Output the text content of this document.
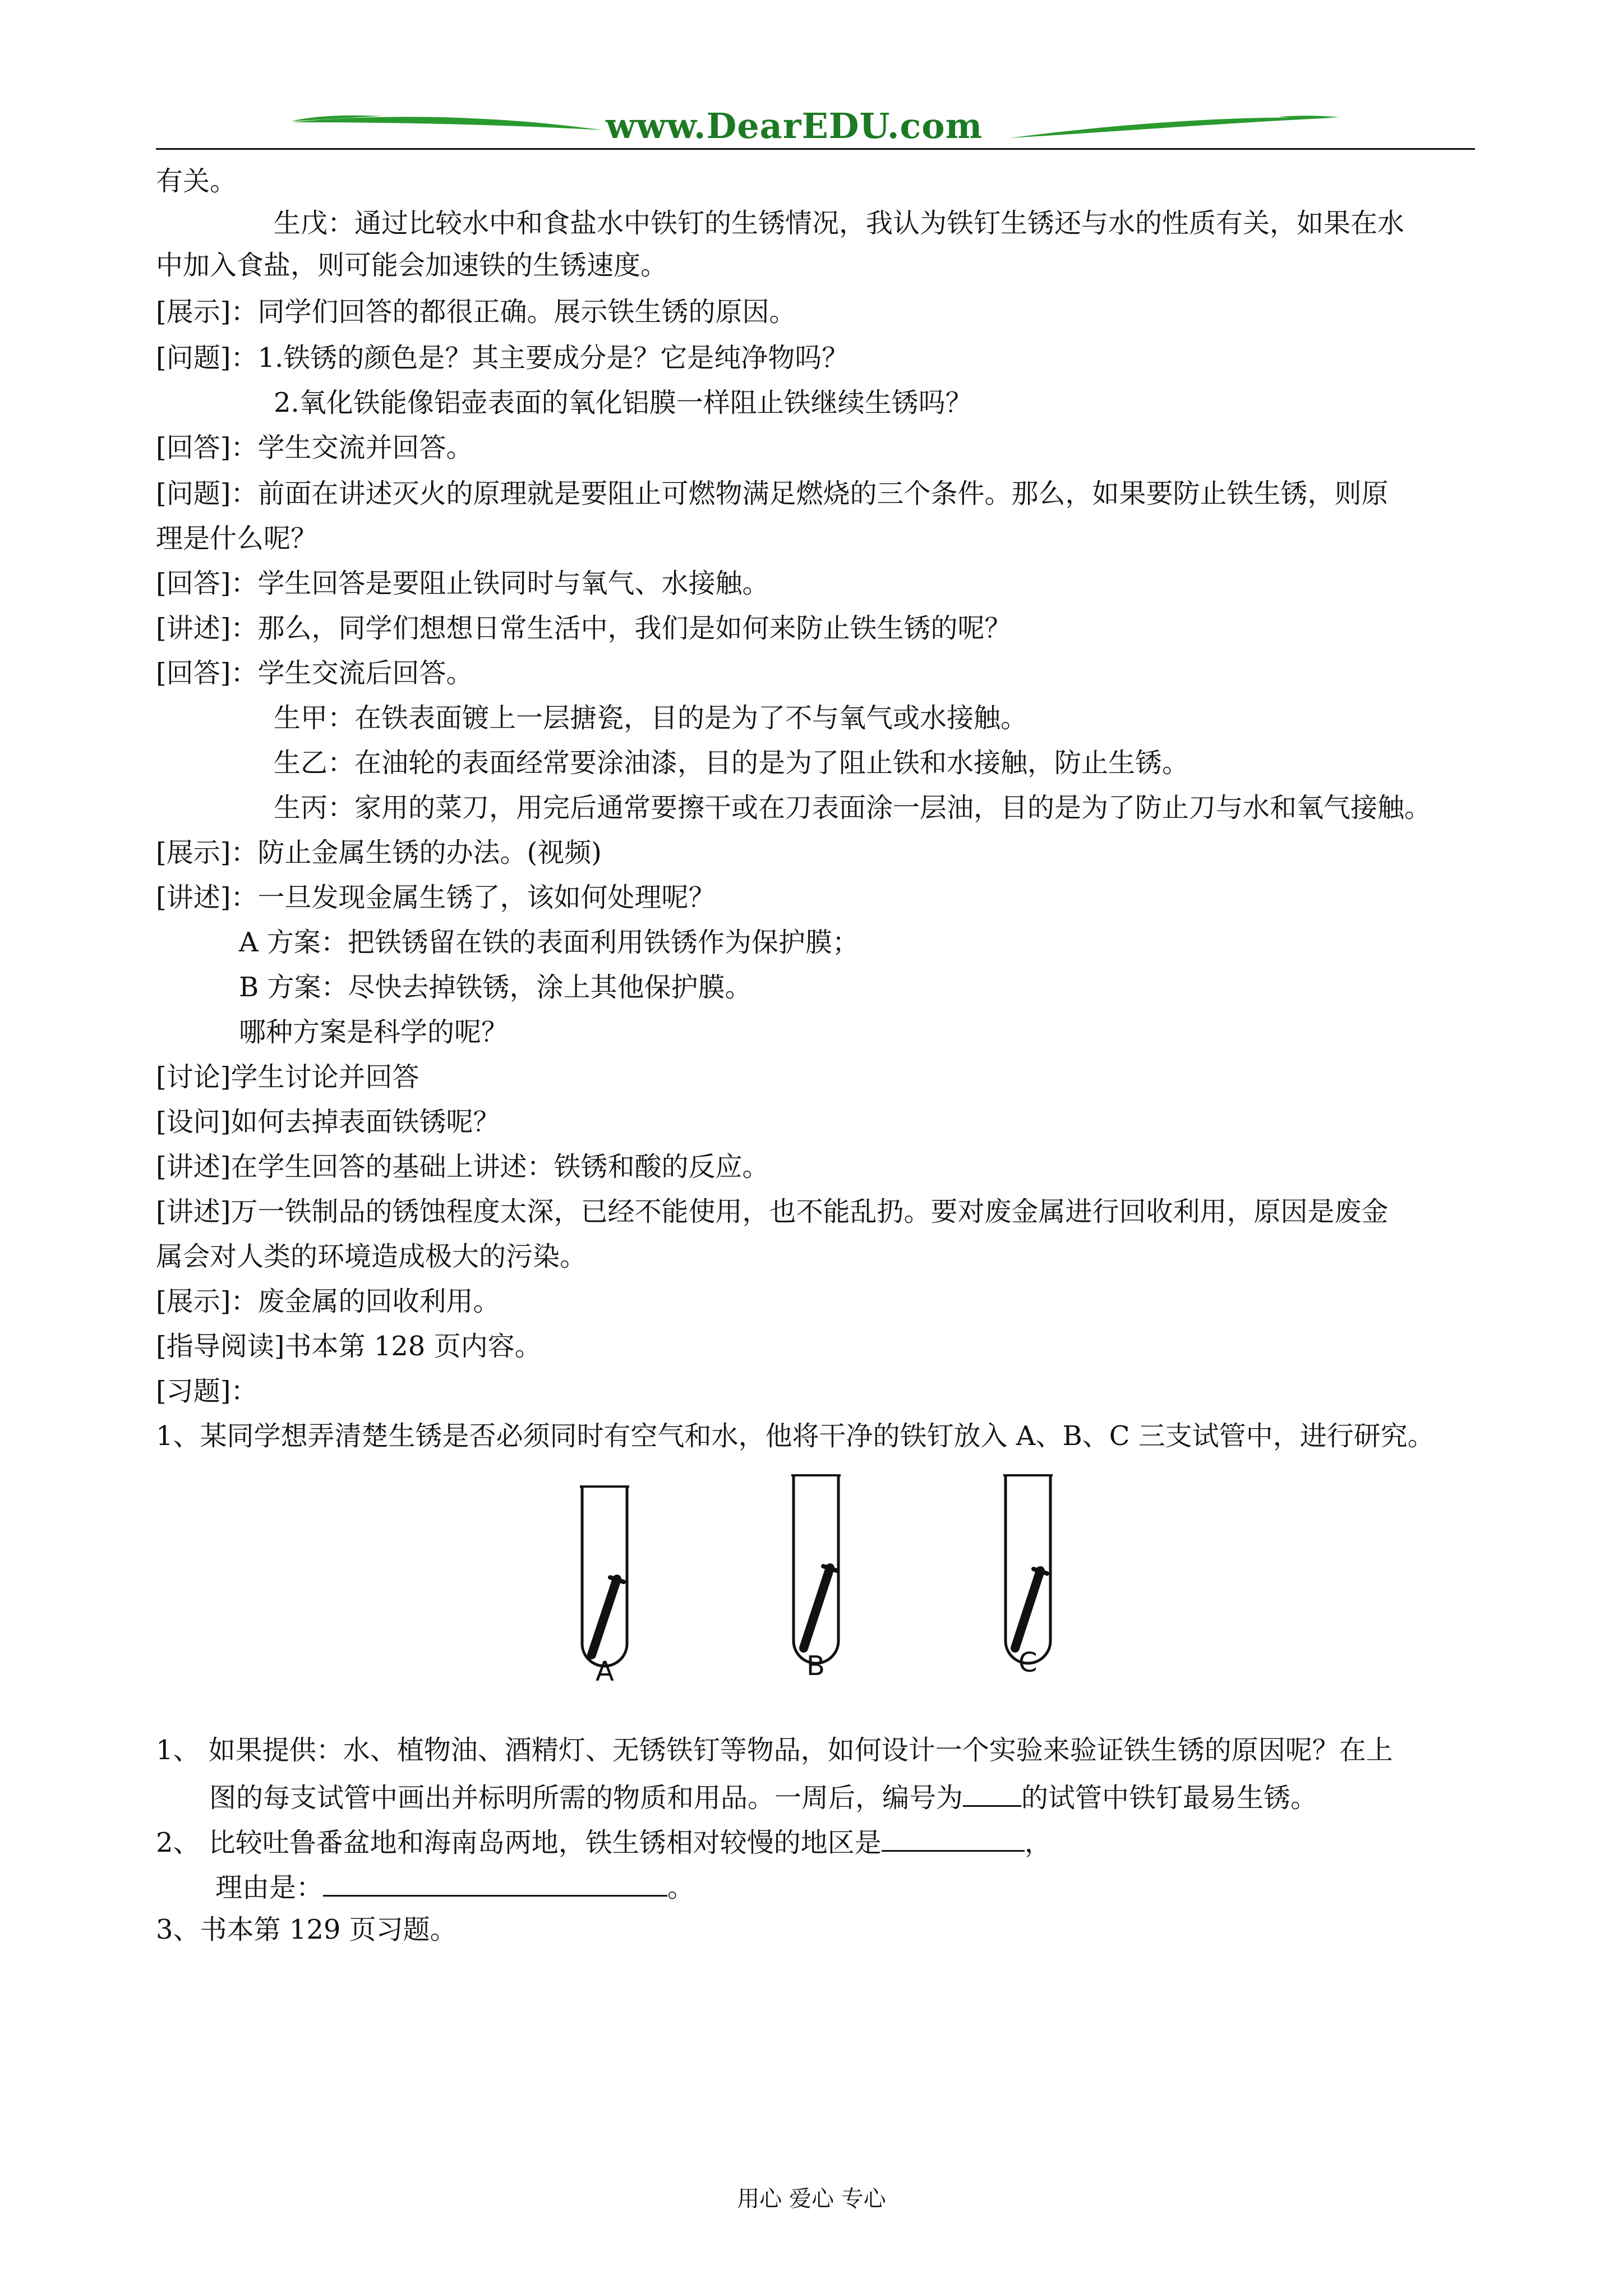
www.DearEDU.com
有关。
生戊：通过比较水中和食盐水中铁钉的生锈情况，我认为铁钉生锈还与水的性质有关，如果在水
中加入食盐，则可能会加速铁的生锈速度。
[展示]：同学们回答的都很正确。展示铁生锈的原因。
[问题]：1.铁锈的颜色是？其主要成分是？它是纯净物吗？
2.氧化铁能像铝壶表面的氧化铝膜一样阻止铁继续生锈吗？
[回答]：学生交流并回答。
[问题]：前面在讲述灭火的原理就是要阻止可燃物满足燃烧的三个条件。那么，如果要防止铁生锈，则原
理是什么呢？
[回答]：学生回答是要阻止铁同时与氧气、水接触。
[讲述]：那么，同学们想想日常生活中，我们是如何来防止铁生锈的呢？
[回答]：学生交流后回答。
生甲：在铁表面镀上一层搪瓷，目的是为了不与氧气或水接触。
生乙：在油轮的表面经常要涂油漆，目的是为了阻止铁和水接触，防止生锈。
生丙：家用的菜刀，用完后通常要擦干或在刀表面涂一层油，目的是为了防止刀与水和氧气接触。
[展示]：防止金属生锈的办法。(视频)
[讲述]：一旦发现金属生锈了，该如何处理呢？
A 方案：把铁锈留在铁的表面利用铁锈作为保护膜；
B 方案：尽快去掉铁锈，涂上其他保护膜。
哪种方案是科学的呢？
[讨论]学生讨论并回答
[设问]如何去掉表面铁锈呢？
[讲述]在学生回答的基础上讲述：铁锈和酸的反应。
[讲述]万一铁制品的锈蚀程度太深，已经不能使用，也不能乱扔。要对废金属进行回收利用，原因是废金
属会对人类的环境造成极大的污染。
[展示]：废金属的回收利用。
[指导阅读]书本第 128 页内容。
[习题]：
1、某同学想弄清楚生锈是否必须同时有空气和水，他将干净的铁钉放入 A、B、C 三支试管中，进行研究。
1、 如果提供：水、植物油、酒精灯、无锈铁钉等物品，如何设计一个实验来验证铁生锈的原因呢？在上
图的每支试管中画出并标明所需的物质和用品。一周后，编号为 的试管中铁钉最易生锈。
2、 比较吐鲁番盆地和海南岛两地，铁生锈相对较慢的地区是	，
理由是：	。
3、书本第 129 页习题。
A	B	C
用心 爱心 专心
